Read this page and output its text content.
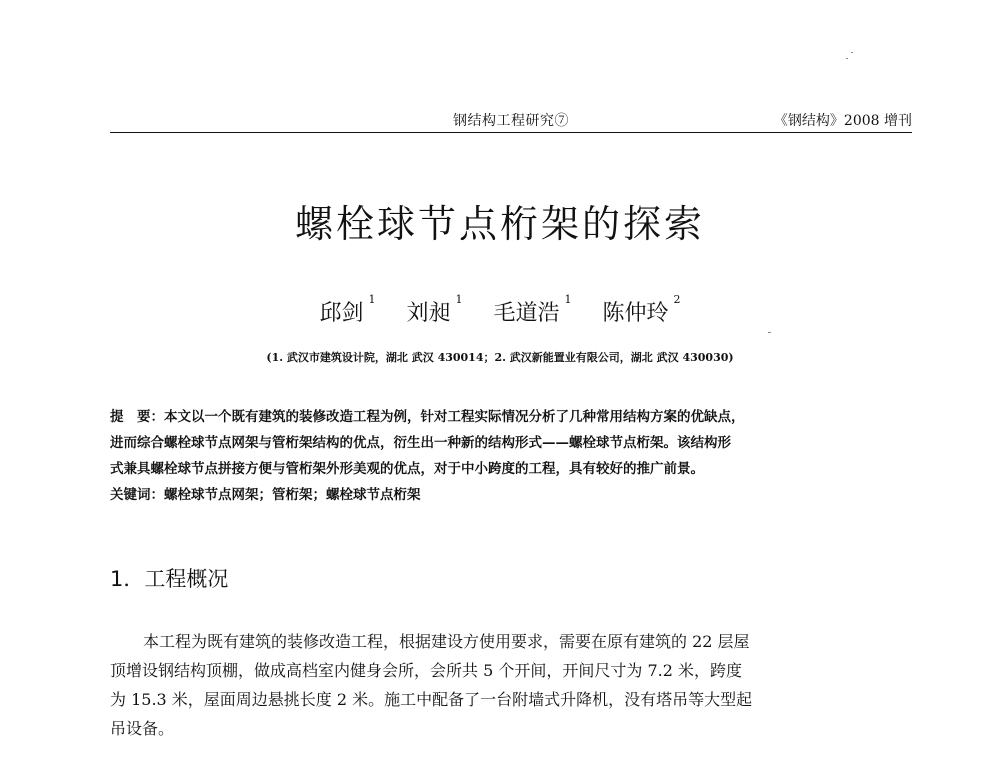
钢结构工程研究⑦	《钢结构》2008 增刊
螺栓球节点桁架的探索
邱剑$^1$ 刘昶$^1$ 毛道浩$^1$ 陈仲玲$^2$
(1. 武汉市建筑设计院，湖北 武汉 430014；2. 武汉新能置业有限公司，湖北 武汉 430030)
提　要：本文以一个既有建筑的装修改造工程为例，针对工程实际情况分析了几种常用结构方案的优缺点，
进而综合螺栓球节点网架与管桁架结构的优点，衍生出一种新的结构形式——螺栓球节点桁架。该结构形
式兼具螺栓球节点拼接方便与管桁架外形美观的优点，对于中小跨度的工程，具有较好的推广前景。
关键词：螺栓球节点网架；管桁架；螺栓球节点桁架
1．工程概况
本工程为既有建筑的装修改造工程，根据建设方使用要求，需要在原有建筑的 22 层屋
顶增设钢结构顶棚，做成高档室内健身会所，会所共 5 个开间，开间尺寸为 7.2 米，跨度
为 15.3 米，屋面周边悬挑长度 2 米。施工中配备了一台附墙式升降机，没有塔吊等大型起
吊设备。
